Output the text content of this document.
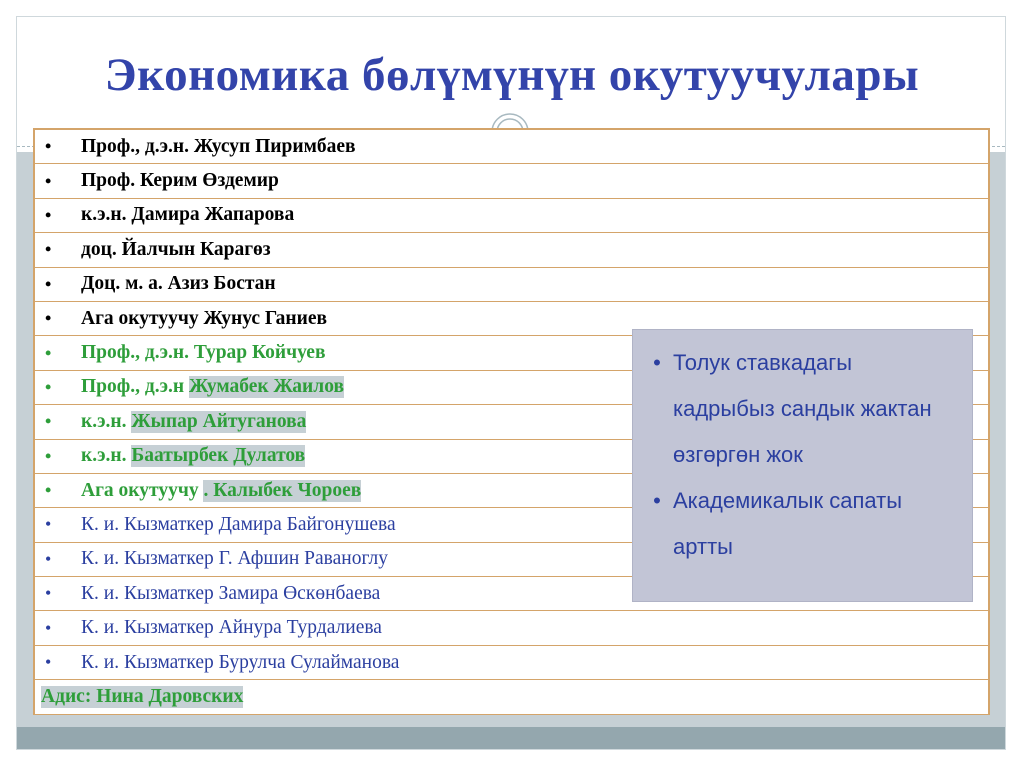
Экономика бөлүмүнүн окутуучулары
•	Проф., д.э.н. Жусуп Пиримбаев
•	Проф. Керим Өздемир
•	к.э.н. Дамира Жапарова
•	доц. Йалчын Карагөз
•	Доц. м. а. Азиз Бостан
•	Ага окутуучу Жунус Ганиев
•	Проф., д.э.н. Турар Койчуев
•	Проф., д.э.н Жумабек Жаилов
•	к.э.н. Жыпар Айтуганова
•	к.э.н. Баатырбек Дулатов
•	Ага окутуучу . Калыбек Чороев
•	К. и. Кызматкер Дамира Байгонушева
•	К. и. Кызматкер Г. Афшин Раваноглу
•	К. и. Кызматкер Замира Өскөнбаева
•	К. и. Кызматкер Айнура Турдалиева
•	К. и. Кызматкер Бурулча Сулайманова
Адис: Нина Даровских
• Толук ставкадагы кадрыбыз сандык жактан өзгөргөн жок
• Академикалык сапаты артты
